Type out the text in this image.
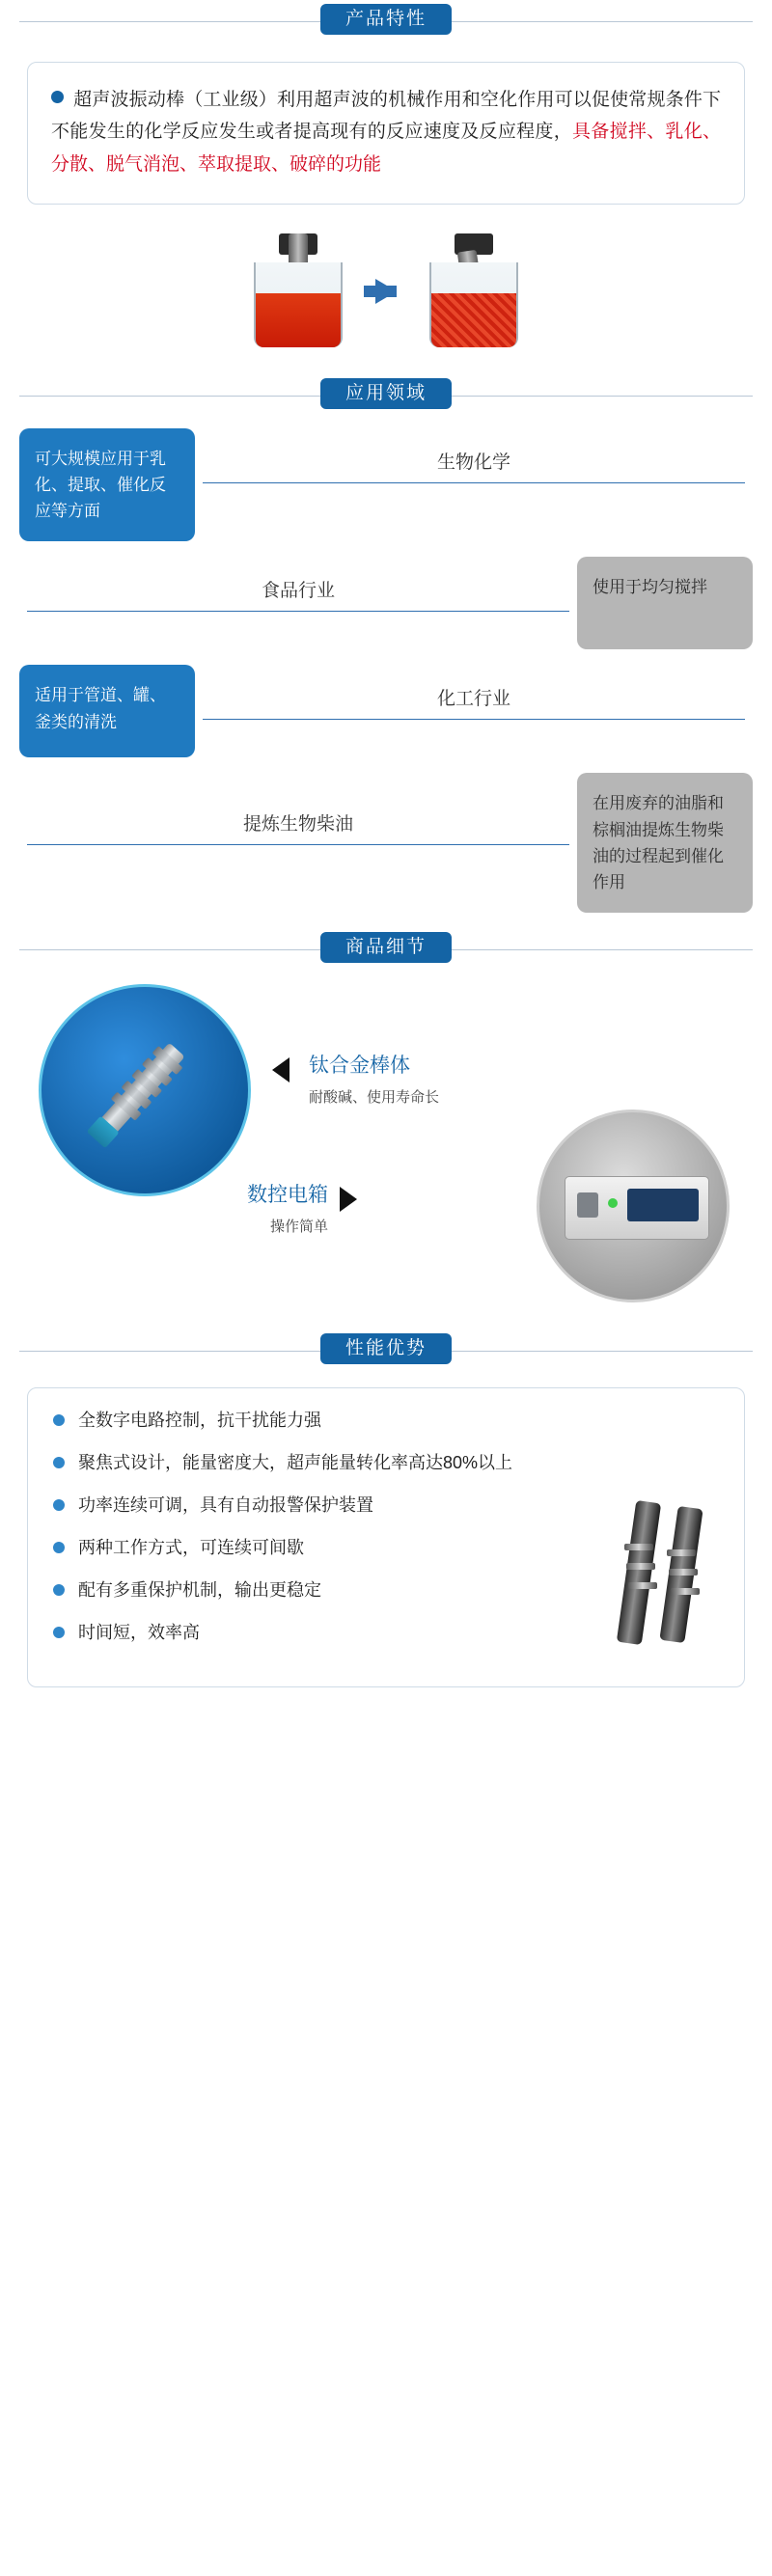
产品特性
超声波振动棒（工业级）利用超声波的机械作用和空化作用可以促使常规条件下不能发生的化学反应发生或者提高现有的反应速度及反应程度，具备搅拌、乳化、分散、脱气消泡、萃取提取、破碎的功能
应用领域
可大规模应用于乳化、提取、催化反应等方面
生物化学
食品行业	使用于均匀搅拌
适用于管道、罐、釜类的清洗
化工行业
提炼生物柴油
在用废弃的油脂和棕榈油提炼生物柴油的过程起到催化作用
商品细节
钛合金棒体
耐酸碱、使用寿命长
数控电箱
操作简单
性能优势
全数字电路控制，抗干扰能力强
聚焦式设计，能量密度大，超声能量转化率高达80%以上
功率连续可调，具有自动报警保护装置
两种工作方式，可连续可间歇
配有多重保护机制，输出更稳定
时间短，效率高
